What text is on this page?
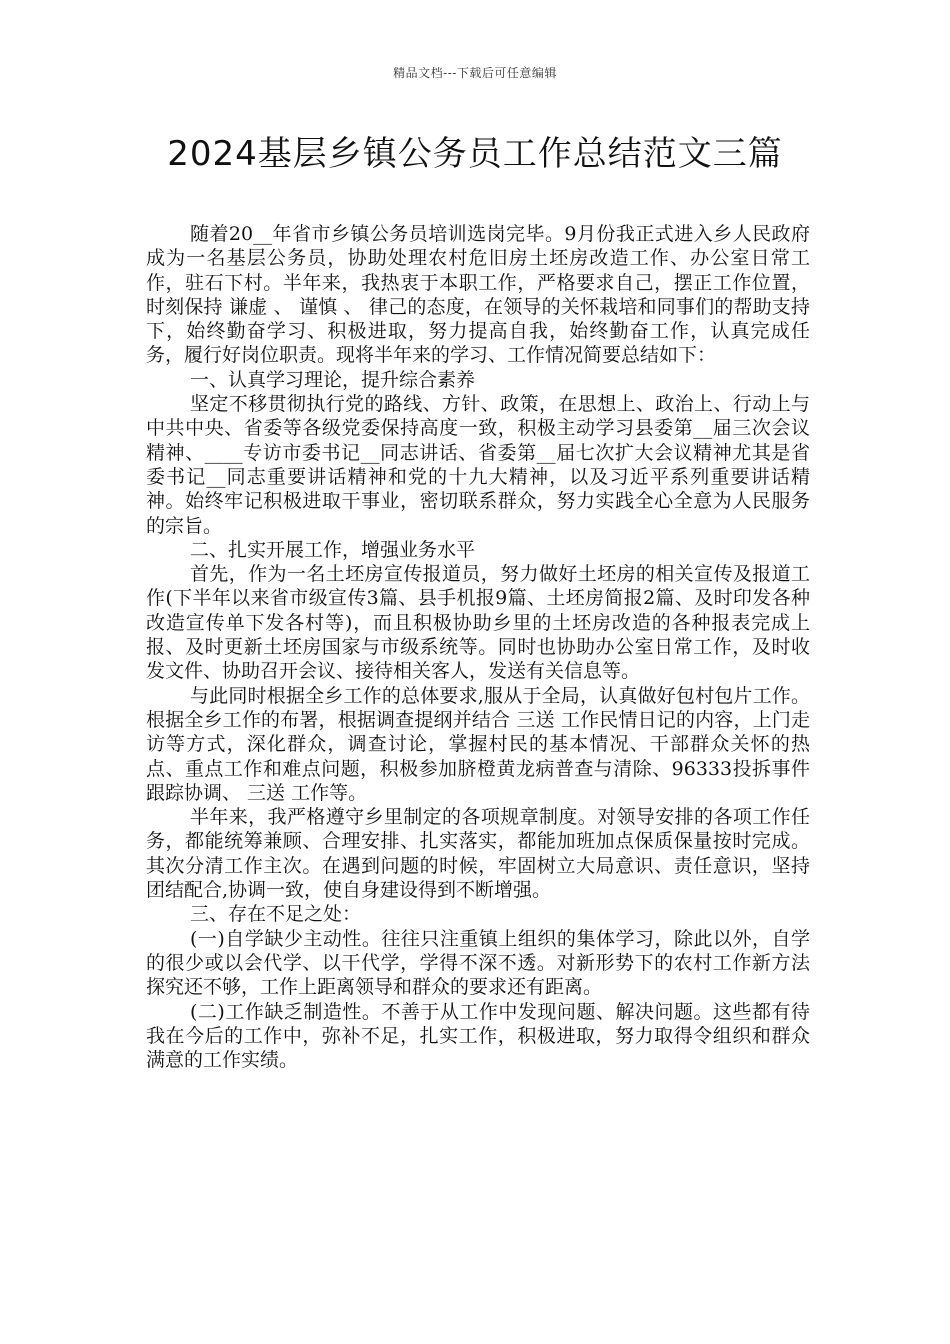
精品文档---下载后可任意编辑
2024基层乡镇公务员工作总结范文三篇

随着20__年省市乡镇公务员培训选岗完毕。9月份我正式进入乡人民政府成为一名基层公务员，协助处理农村危旧房土坯房改造工作、办公室日常工作，驻石下村。半年来，我热衷于本职工作，严格要求自己，摆正工作位置，时刻保持 谦虚 、 谨慎 、 律己的态度，在领导的关怀栽培和同事们的帮助支持下，始终勤奋学习、积极进取，努力提高自我，始终勤奋工作，认真完成任务，履行好岗位职责。现将半年来的学习、工作情况简要总结如下：

一、认真学习理论，提升综合素养

坚定不移贯彻执行党的路线、方针、政策，在思想上、政治上、行动上与中共中央、省委等各级党委保持高度一致，积极主动学习县委第__届三次会议精神、____专访市委书记__同志讲话、省委第__届七次扩大会议精神尤其是省委书记__同志重要讲话精神和党的十九大精神，以及习近平系列重要讲话精神。始终牢记积极进取干事业，密切联系群众，努力实践全心全意为人民服务的宗旨。

二、扎实开展工作，增强业务水平

首先，作为一名土坯房宣传报道员，努力做好土坯房的相关宣传及报道工作(下半年以来省市级宣传3篇、县手机报9篇、土坯房简报2篇、及时印发各种改造宣传单下发各村等)，而且积极协助乡里的土坯房改造的各种报表完成上报、及时更新土坯房国家与市级系统等。同时也协助办公室日常工作，及时收发文件、协助召开会议、接待相关客人，发送有关信息等。

与此同时根据全乡工作的总体要求,服从于全局，认真做好包村包片工作。根据全乡工作的布署，根据调查提纲并结合 三送 工作民情日记的内容，上门走访等方式，深化群众，调查讨论，掌握村民的基本情况、干部群众关怀的热点、重点工作和难点问题，积极参加脐橙黄龙病普查与清除、96333投拆事件跟踪协调、 三送 工作等。

半年来，我严格遵守乡里制定的各项规章制度。对领导安排的各项工作任务，都能统筹兼顾、合理安排、扎实落实，都能加班加点保质保量按时完成。其次分清工作主次。在遇到问题的时候，牢固树立大局意识、责任意识，坚持团结配合,协调一致，使自身建设得到不断增强。

三、存在不足之处：

(一)自学缺少主动性。往往只注重镇上组织的集体学习，除此以外，自学的很少或以会代学、以干代学，学得不深不透。对新形势下的农村工作新方法探究还不够，工作上距离领导和群众的要求还有距离。

(二)工作缺乏制造性。不善于从工作中发现问题、解决问题。这些都有待我在今后的工作中，弥补不足，扎实工作，积极进取，努力取得令组织和群众满意的工作实绩。
